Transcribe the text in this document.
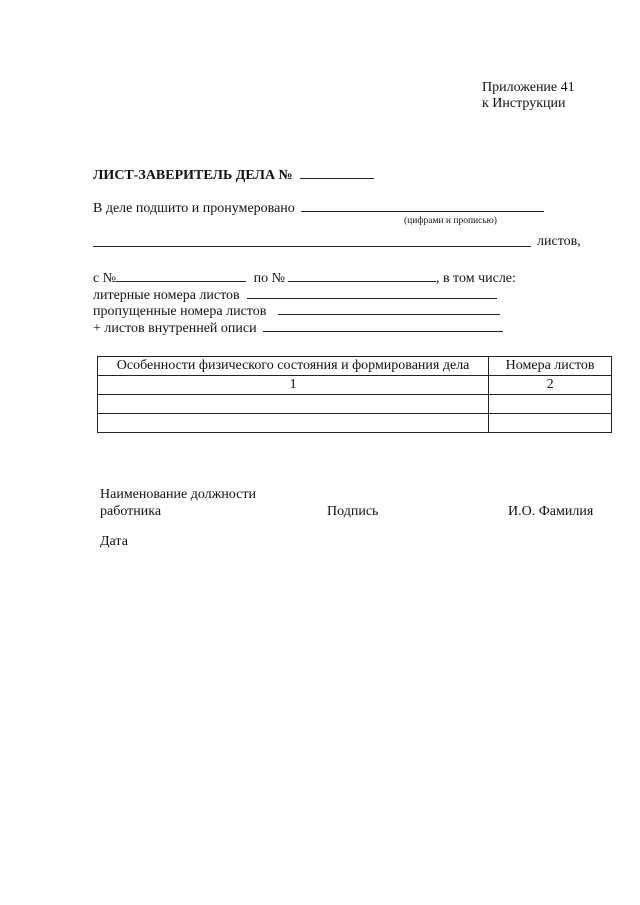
Приложение 41
к Инструкции
ЛИСТ-ЗАВЕРИТЕЛЬ ДЕЛА №
В деле подшито и пронумеровано
(цифрами и прописью)
листов,
с №	по №	, в том числе:
литерные номера листов
пропущенные номера листов
+ листов внутренней описи
Особенности физического состояния и формирования дела	Номера листов
1	2

Наименование должности
работника	Подпись	И.О. Фамилия
Дата
